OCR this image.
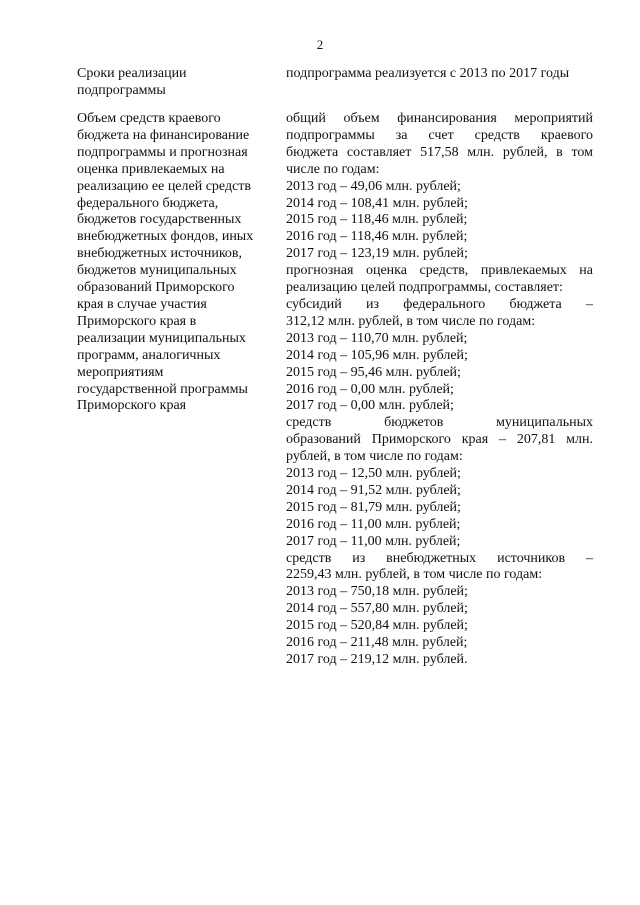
2
Сроки реализации
подпрограммы
подпрограмма реализуется с 2013 по 2017 годы
Объем средств краевого
бюджета на финансирование
подпрограммы и прогнозная
оценка привлекаемых на
реализацию ее целей средств
федерального бюджета,
бюджетов государственных
внебюджетных фондов, иных
внебюджетных источников,
бюджетов муниципальных
образований Приморского
края в случае участия
Приморского края в
реализации муниципальных
программ, аналогичных
мероприятиям
государственной программы
Приморского края
общий объем финансирования мероприятий
подпрограммы за счет средств краевого
бюджета составляет 517,58 млн. рублей, в том
числе по годам:
2013 год – 49,06 млн. рублей;
2014 год – 108,41 млн. рублей;
2015 год – 118,46 млн. рублей;
2016 год – 118,46 млн. рублей;
2017 год – 123,19 млн. рублей;
прогнозная оценка средств, привлекаемых на
реализацию целей подпрограммы, составляет:
субсидий из федерального бюджета –
312,12 млн. рублей, в том числе по годам:
2013 год – 110,70 млн. рублей;
2014 год – 105,96 млн. рублей;
2015 год – 95,46 млн. рублей;
2016 год – 0,00 млн. рублей;
2017 год – 0,00 млн. рублей;
средств бюджетов муниципальных
образований Приморского края – 207,81 млн.
рублей, в том числе по годам:
2013 год – 12,50 млн. рублей;
2014 год – 91,52 млн. рублей;
2015 год – 81,79 млн. рублей;
2016 год – 11,00 млн. рублей;
2017 год – 11,00 млн. рублей;
средств из внебюджетных источников –
2259,43 млн. рублей, в том числе по годам:
2013 год – 750,18 млн. рублей;
2014 год – 557,80 млн. рублей;
2015 год – 520,84 млн. рублей;
2016 год – 211,48 млн. рублей;
2017 год – 219,12 млн. рублей.
